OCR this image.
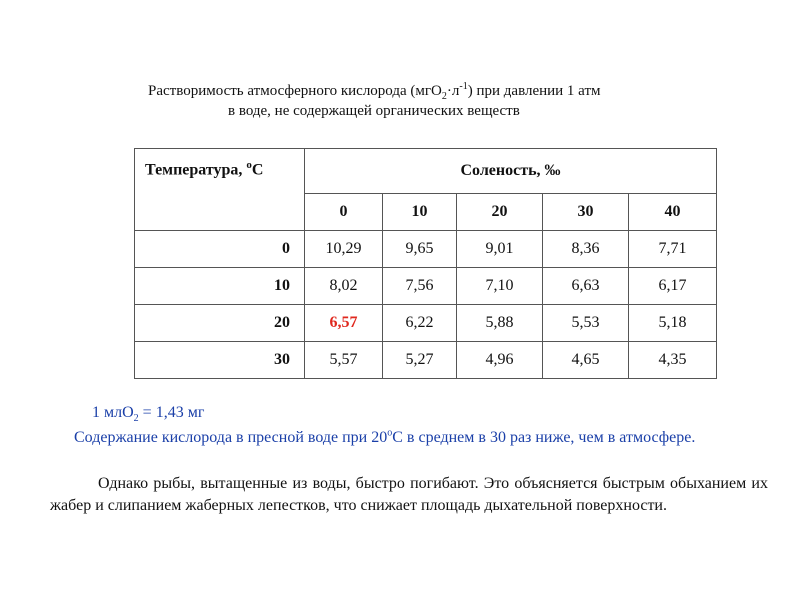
Растворимость атмосферного кислорода $(мгО_2\cdot л^{-1})$ при давлении 1 атм
в воде, не содержащей органических веществ
Температура, $^о$С	Соленость, ‰				
	0	10	20	30	40
0	10,29	9,65	9,01	8,36	7,71
10	8,02	7,56	7,10	6,63	6,17
20	6,57	6,22	5,88	5,53	5,18
30	5,57	5,27	4,96	4,65	4,35
1 млО$_2$ = 1,43 мг
Содержание кислорода в пресной воде при $20^оС$ в среднем в 30 раз ниже, чем в атмосфере.
Однако рыбы, вытащенные из воды, быстро погибают. Это объясняется быстрым обыханием их жабер и слипанием жаберных лепестков, что снижает площадь дыхательной поверхности.
